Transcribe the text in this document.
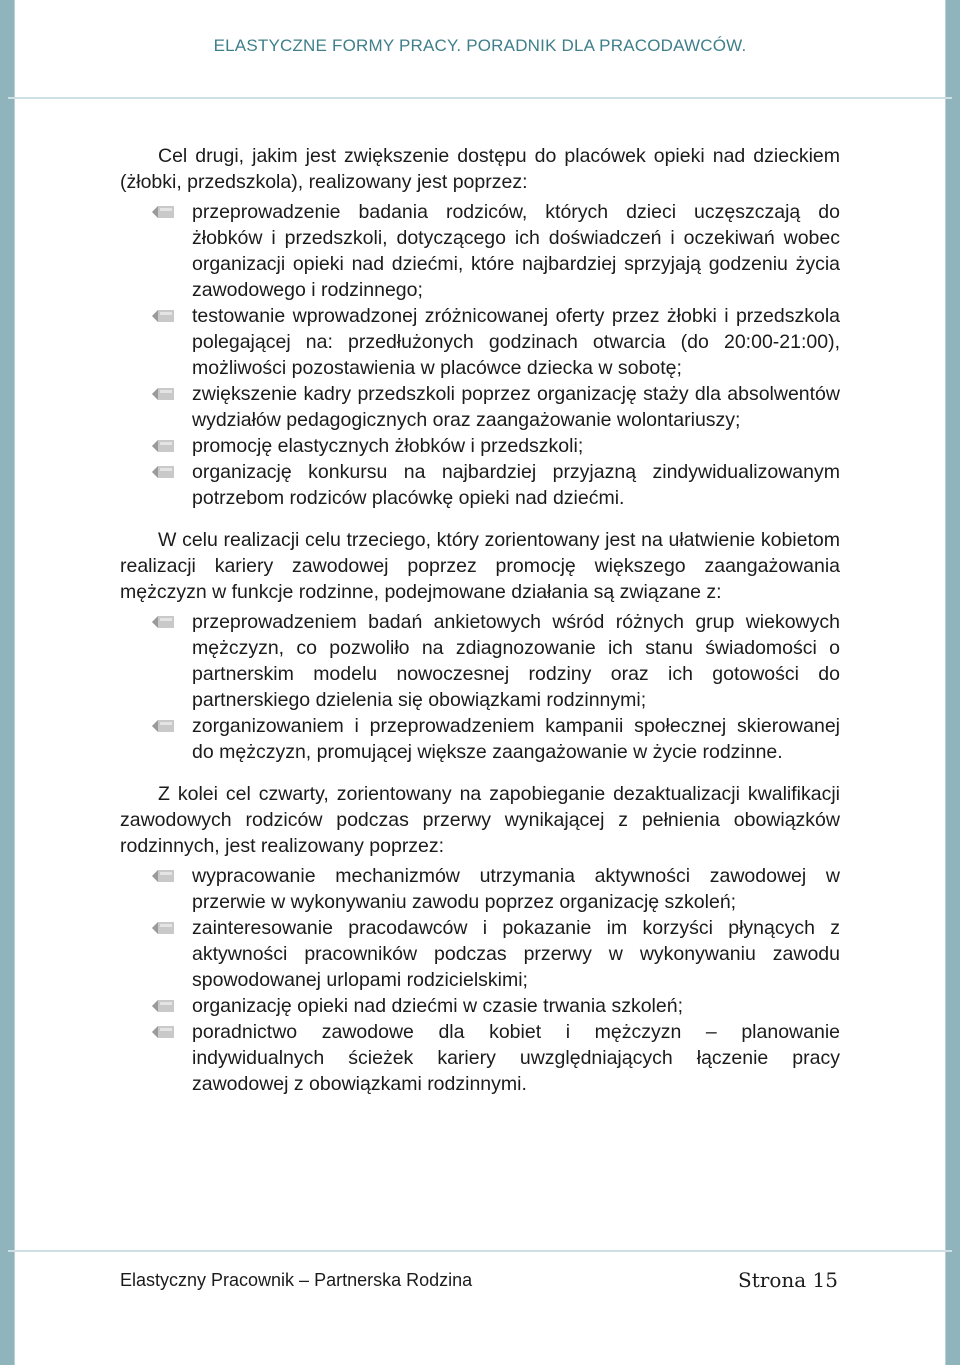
ELASTYCZNE FORMY PRACY. PORADNIK DLA PRACODAWCÓW.

Cel drugi, jakim jest zwiększenie dostępu do placówek opieki nad dzieckiem (żłobki, przedszkola), realizowany jest poprzez:

przeprowadzenie badania rodziców, których dzieci uczęszczają do żłobków i przedszkoli, dotyczącego ich doświadczeń i oczekiwań wobec organizacji opieki nad dziećmi, które najbardziej sprzyjają godzeniu życia zawodowego i rodzinnego;
testowanie wprowadzonej zróżnicowanej oferty przez żłobki i przedszkola polegającej na: przedłużonych godzinach otwarcia (do 20:00-21:00), możliwości pozostawienia w placówce dziecka w sobotę;
zwiększenie kadry przedszkoli poprzez organizację staży dla absolwentów wydziałów pedagogicznych oraz zaangażowanie wolontariuszy;
promocję elastycznych żłobków i przedszkoli;
organizację konkursu na najbardziej przyjazną zindywidualizowanym potrzebom rodziców placówkę opieki nad dziećmi.

W celu realizacji celu trzeciego, który zorientowany jest na ułatwienie kobietom realizacji kariery zawodowej poprzez promocję większego zaangażowania mężczyzn w funkcje rodzinne, podejmowane działania są związane z:

przeprowadzeniem badań ankietowych wśród różnych grup wiekowych mężczyzn, co pozwoliło na zdiagnozowanie ich stanu świadomości o partnerskim modelu nowoczesnej rodziny oraz ich gotowości do partnerskiego dzielenia się obowiązkami rodzinnymi;
zorganizowaniem i przeprowadzeniem kampanii społecznej skierowanej do mężczyzn, promującej większe zaangażowanie w życie rodzinne.

Z kolei cel czwarty, zorientowany na zapobieganie dezaktualizacji kwalifikacji zawodowych rodziców podczas przerwy wynikającej z pełnienia obowiązków rodzinnych, jest realizowany poprzez:

wypracowanie mechanizmów utrzymania aktywności zawodowej w przerwie w wykonywaniu zawodu poprzez organizację szkoleń;
zainteresowanie pracodawców i pokazanie im korzyści płynących z aktywności pracowników podczas przerwy w wykonywaniu zawodu spowodowanej urlopami rodzicielskimi;
organizację opieki nad dziećmi w czasie trwania szkoleń;
poradnictwo zawodowe dla kobiet i mężczyzn – planowanie indywidualnych ścieżek kariery uwzględniających łączenie pracy zawodowej z obowiązkami rodzinnymi.
Elastyczny Pracownik – Partnerska Rodzina	Strona 15
